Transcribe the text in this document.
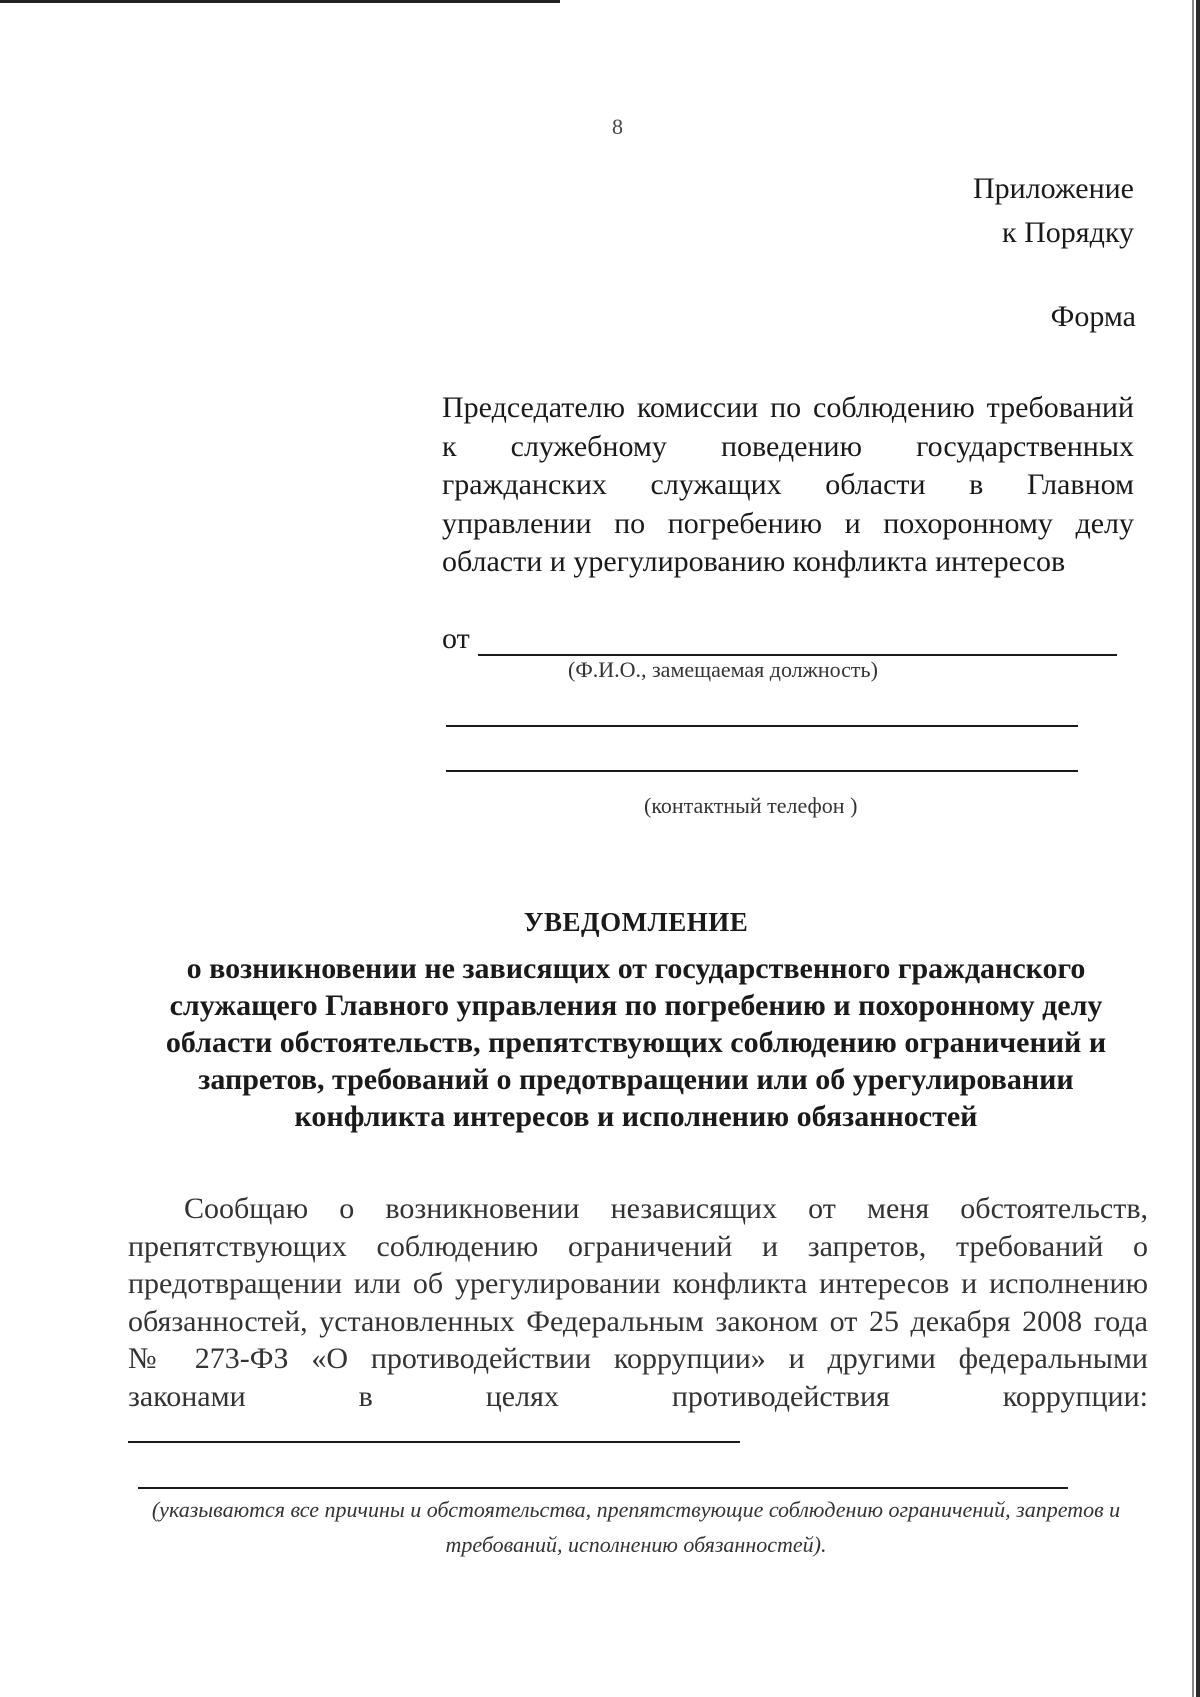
8
Приложение
к Порядку
Форма
Председателю комиссии по соблюдению требований к служебному поведению государственных гражданских служащих области в Главном управлении по погребению и похоронному делу области и урегулированию конфликта интересов
от
(Ф.И.О., замещаемая должность)
(контактный телефон )
УВЕДОМЛЕНИЕ
о возникновении не зависящих от государственного гражданского служащего Главного управления по погребению и похоронному делу области обстоятельств, препятствующих соблюдению ограничений и запретов, требований о предотвращении или об урегулировании конфликта интересов и исполнению обязанностей
Сообщаю о возникновении независящих от меня обстоятельств, препятствующих соблюдению ограничений и запретов, требований о предотвращении или об урегулировании конфликта интересов и исполнению обязанностей, установленных Федеральным законом от 25 декабря 2008 года № 273-ФЗ «О противодействии коррупции» и другими федеральными законами в целях противодействия коррупции:
(указываются все причины и обстоятельства, препятствующие соблюдению ограничений, запретов и требований, исполнению обязанностей).
